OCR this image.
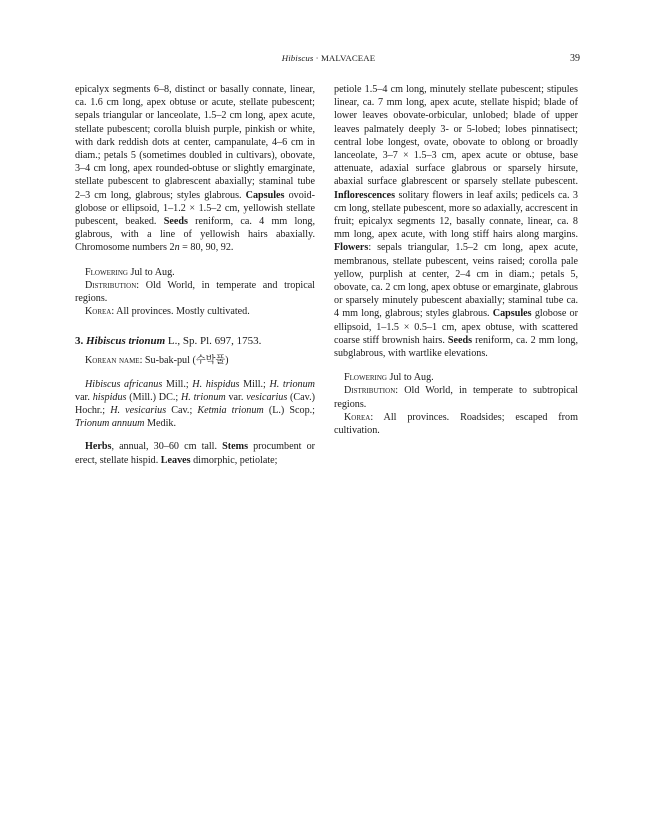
Hibiscus · MALVACEAE	39

epicalyx segments 6–8, distinct or basally connate, linear, ca. 1.6 cm long, apex obtuse or acute, stellate pubescent; sepals triangular or lanceolate, 1.5–2 cm long, apex acute, stellate pubescent; corolla bluish purple, pinkish or white, with dark reddish dots at center, campanulate, 4–6 cm in diam.; petals 5 (sometimes doubled in cultivars), obovate, 3–4 cm long, apex rounded-obtuse or slightly emarginate, stellate pubescent to glabrescent abaxially; staminal tube 2–3 cm long, glabrous; styles glabrous. Capsules ovoid-globose or ellipsoid, 1–1.2 × 1.5–2 cm, yellowish stellate pubescent, beaked. Seeds reniform, ca. 4 mm long, glabrous, with a line of yellowish hairs abaxially. Chromosome numbers 2n = 80, 90, 92.

Flowering Jul to Aug.

Distribution: Old World, in temperate and tropical regions.

Korea: All provinces. Mostly cultivated.

3. Hibiscus trionum L., Sp. Pl. 697, 1753.

Korean name: Su-bak-pul (수박풀)

Hibiscus africanus Mill.; H. hispidus Mill.; H. trionum var. hispidus (Mill.) DC.; H. trionum var. vesicarius (Cav.) Hochr.; H. vesicarius Cav.; Ketmia trionum (L.) Scop.; Trionum annuum Medik.

Herbs, annual, 30–60 cm tall. Stems procumbent or erect, stellate hispid. Leaves dimorphic, petiolate;

petiole 1.5–4 cm long, minutely stellate pubescent; stipules linear, ca. 7 mm long, apex acute, stellate hispid; blade of lower leaves obovate-orbicular, unlobed; blade of upper leaves palmately deeply 3- or 5-lobed; lobes pinnatisect; central lobe longest, ovate, obovate to oblong or broadly lanceolate, 3–7 × 1.5–3 cm, apex acute or obtuse, base attenuate, adaxial surface glabrous or sparsely hirsute, abaxial surface glabrescent or sparsely stellate pubescent. Inflorescences solitary flowers in leaf axils; pedicels ca. 3 cm long, stellate pubescent, more so adaxially, accrescent in fruit; epicalyx segments 12, basally connate, linear, ca. 8 mm long, apex acute, with long stiff hairs along margins. Flowers: sepals triangular, 1.5–2 cm long, apex acute, membranous, stellate pubescent, veins raised; corolla pale yellow, purplish at center, 2–4 cm in diam.; petals 5, obovate, ca. 2 cm long, apex obtuse or emarginate, glabrous or sparsely minutely pubescent abaxially; staminal tube ca. 4 mm long, glabrous; styles glabrous. Capsules globose or ellipsoid, 1–1.5 × 0.5–1 cm, apex obtuse, with scattered coarse stiff brownish hairs. Seeds reniform, ca. 2 mm long, subglabrous, with wartlike elevations.

Flowering Jul to Aug.

Distribution: Old World, in temperate to subtropical regions.

Korea: All provinces. Roadsides; escaped from cultivation.
